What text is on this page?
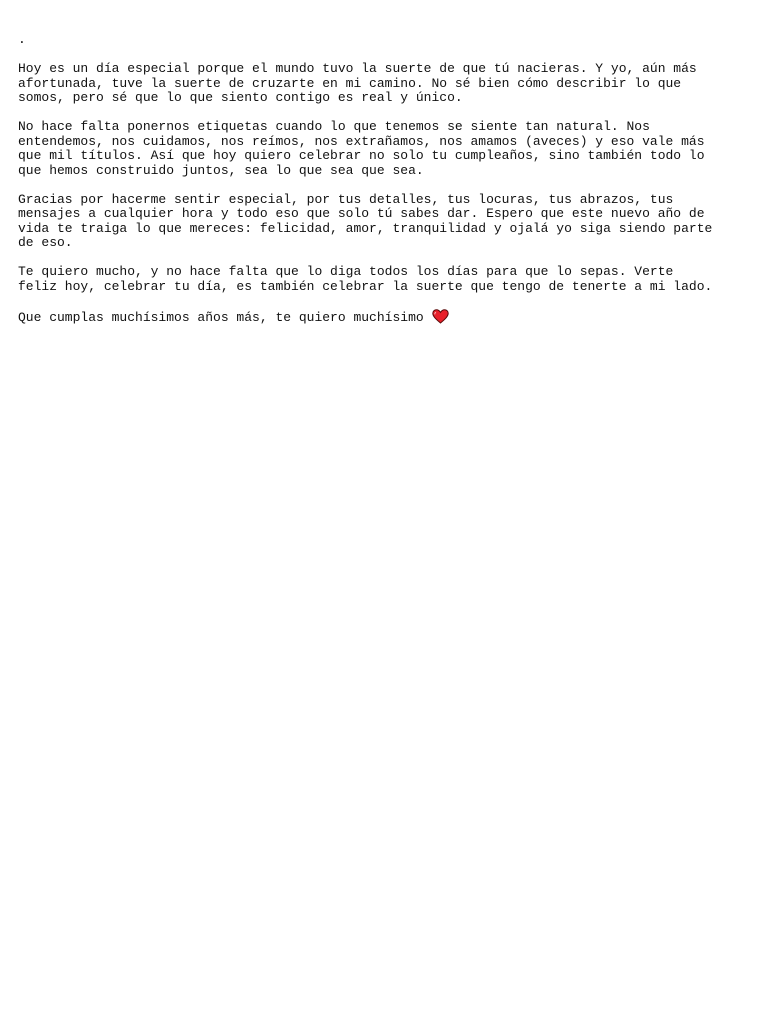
.

Hoy es un día especial porque el mundo tuvo la suerte de que tú nacieras. Y yo, aún más
afortunada, tuve la suerte de cruzarte en mi camino. No sé bien cómo describir lo que
somos, pero sé que lo que siento contigo es real y único.

No hace falta ponernos etiquetas cuando lo que tenemos se siente tan natural. Nos
entendemos, nos cuidamos, nos reímos, nos extrañamos, nos amamos (aveces) y eso vale más
que mil títulos. Así que hoy quiero celebrar no solo tu cumpleaños, sino también todo lo
que hemos construido juntos, sea lo que sea que sea.

Gracias por hacerme sentir especial, por tus detalles, tus locuras, tus abrazos, tus
mensajes a cualquier hora y todo eso que solo tú sabes dar. Espero que este nuevo año de
vida te traiga lo que mereces: felicidad, amor, tranquilidad y ojalá yo siga siendo parte
de eso.

Te quiero mucho, y no hace falta que lo diga todos los días para que lo sepas. Verte
feliz hoy, celebrar tu día, es también celebrar la suerte que tengo de tenerte a mi lado.

Que cumplas muchísimos años más, te quiero muchísimo
